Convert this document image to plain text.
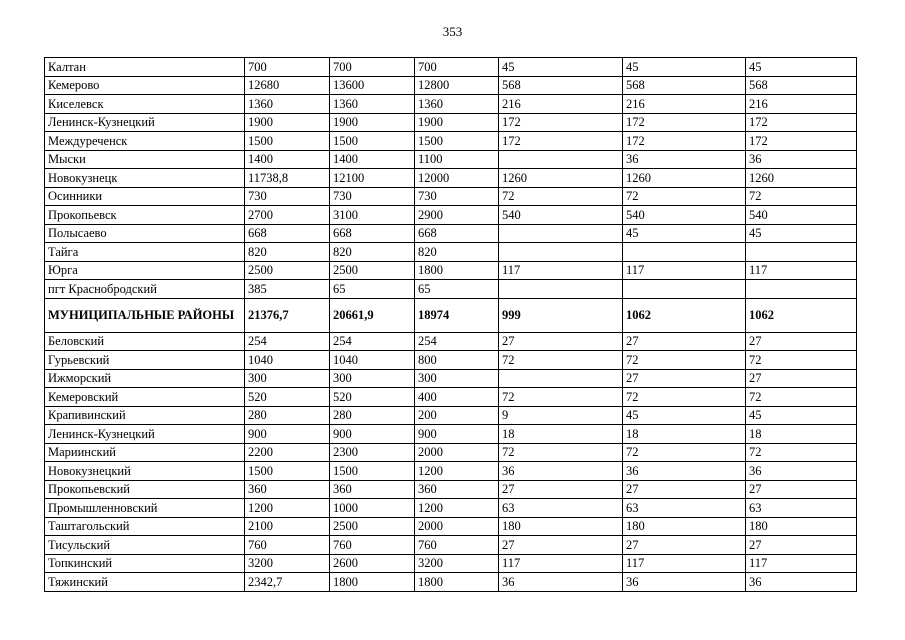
353
Калтан	700	700	700	45	45	45
Кемерово	12680	13600	12800	568	568	568
Киселевск	1360	1360	1360	216	216	216
Ленинск-Кузнецкий	1900	1900	1900	172	172	172
Междуреченск	1500	1500	1500	172	172	172
Мыски	1400	1400	1100		36	36
Новокузнецк	11738,8	12100	12000	1260	1260	1260
Осинники	730	730	730	72	72	72
Прокопьевск	2700	3100	2900	540	540	540
Полысаево	668	668	668		45	45
Тайга	820	820	820			
Юрга	2500	2500	1800	117	117	117
пгт Краснобродский	385	65	65			
МУНИЦИПАЛЬНЫЕ РАЙОНЫ	21376,7	20661,9	18974	999	1062	1062
Беловский	254	254	254	27	27	27
Гурьевский	1040	1040	800	72	72	72
Ижморский	300	300	300		27	27
Кемеровский	520	520	400	72	72	72
Крапивинский	280	280	200	9	45	45
Ленинск-Кузнецкий	900	900	900	18	18	18
Мариинский	2200	2300	2000	72	72	72
Новокузнецкий	1500	1500	1200	36	36	36
Прокопьевский	360	360	360	27	27	27
Промышленновский	1200	1000	1200	63	63	63
Таштагольский	2100	2500	2000	180	180	180
Тисульский	760	760	760	27	27	27
Топкинский	3200	2600	3200	117	117	117
Тяжинский	2342,7	1800	1800	36	36	36
